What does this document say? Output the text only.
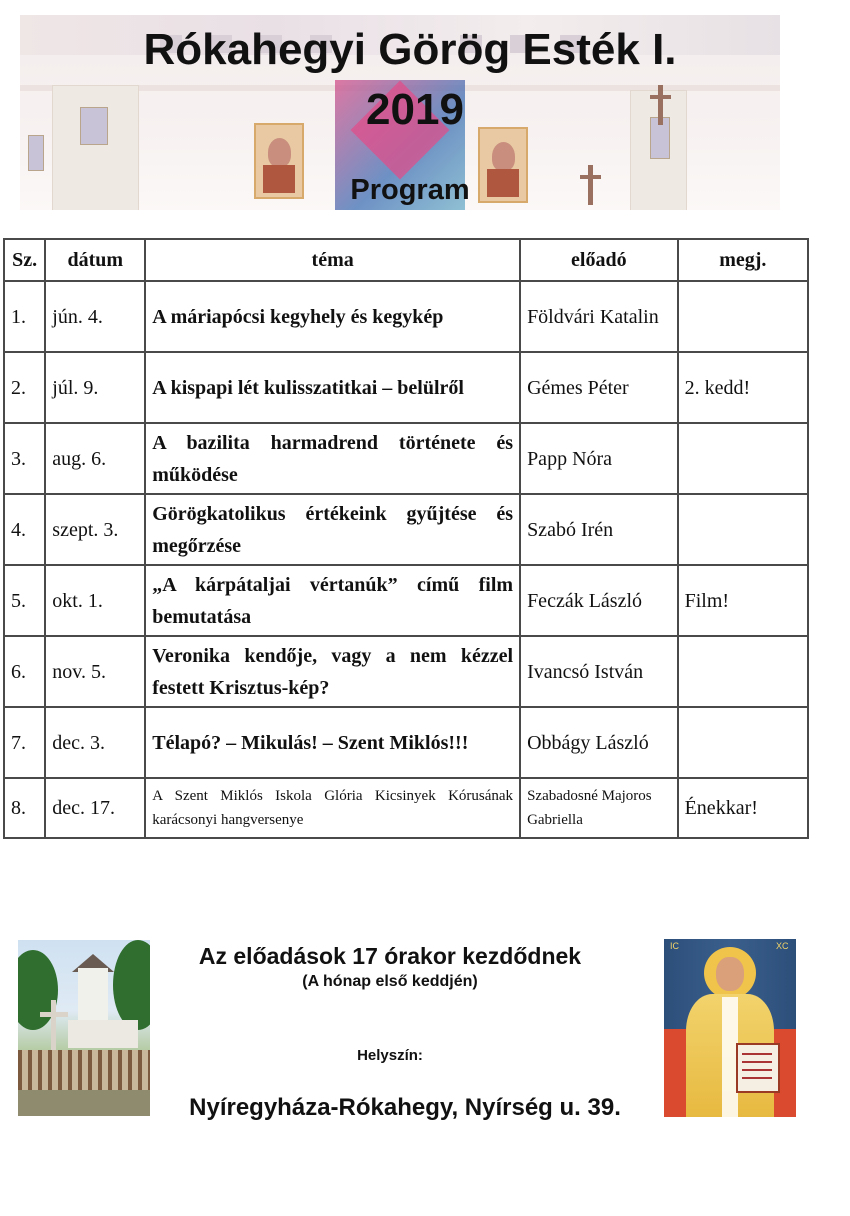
Rókahegyi Görög Esték I.
2019
Program
Sz.	dátum	téma	előadó	megj.
1.	jún. 4.	A máriapócsi kegyhely és kegykép	Földvári Katalin	
2.	júl. 9.	A kispapi lét kulisszatitkai – belülről	Gémes Péter	2. kedd!
3.	aug. 6.	A bazilita harmadrend története és működése	Papp Nóra	
4.	szept. 3.	Görögkatolikus értékeink gyűjtése és megőrzése	Szabó Irén	
5.	okt. 1.	„A kárpátaljai vértanúk” című film bemutatása	Feczák László	Film!
6.	nov. 5.	Veronika kendője, vagy a nem kézzel festett Krisztus-kép?	Ivancsó István	
7.	dec. 3.	Télapó? – Mikulás! – Szent Miklós!!!	Obbágy László	
8.	dec. 17.	A Szent Miklós Iskola Glória Kicsinyek Kórusának karácsonyi hangversenye	Szabadosné Majoros Gabriella	Énekkar!
Az előadások 17 órakor kezdődnek
(A hónap első keddjén)
Helyszín:
Nyíregyháza-Rókahegy, Nyírség u. 39.
IC	XC
